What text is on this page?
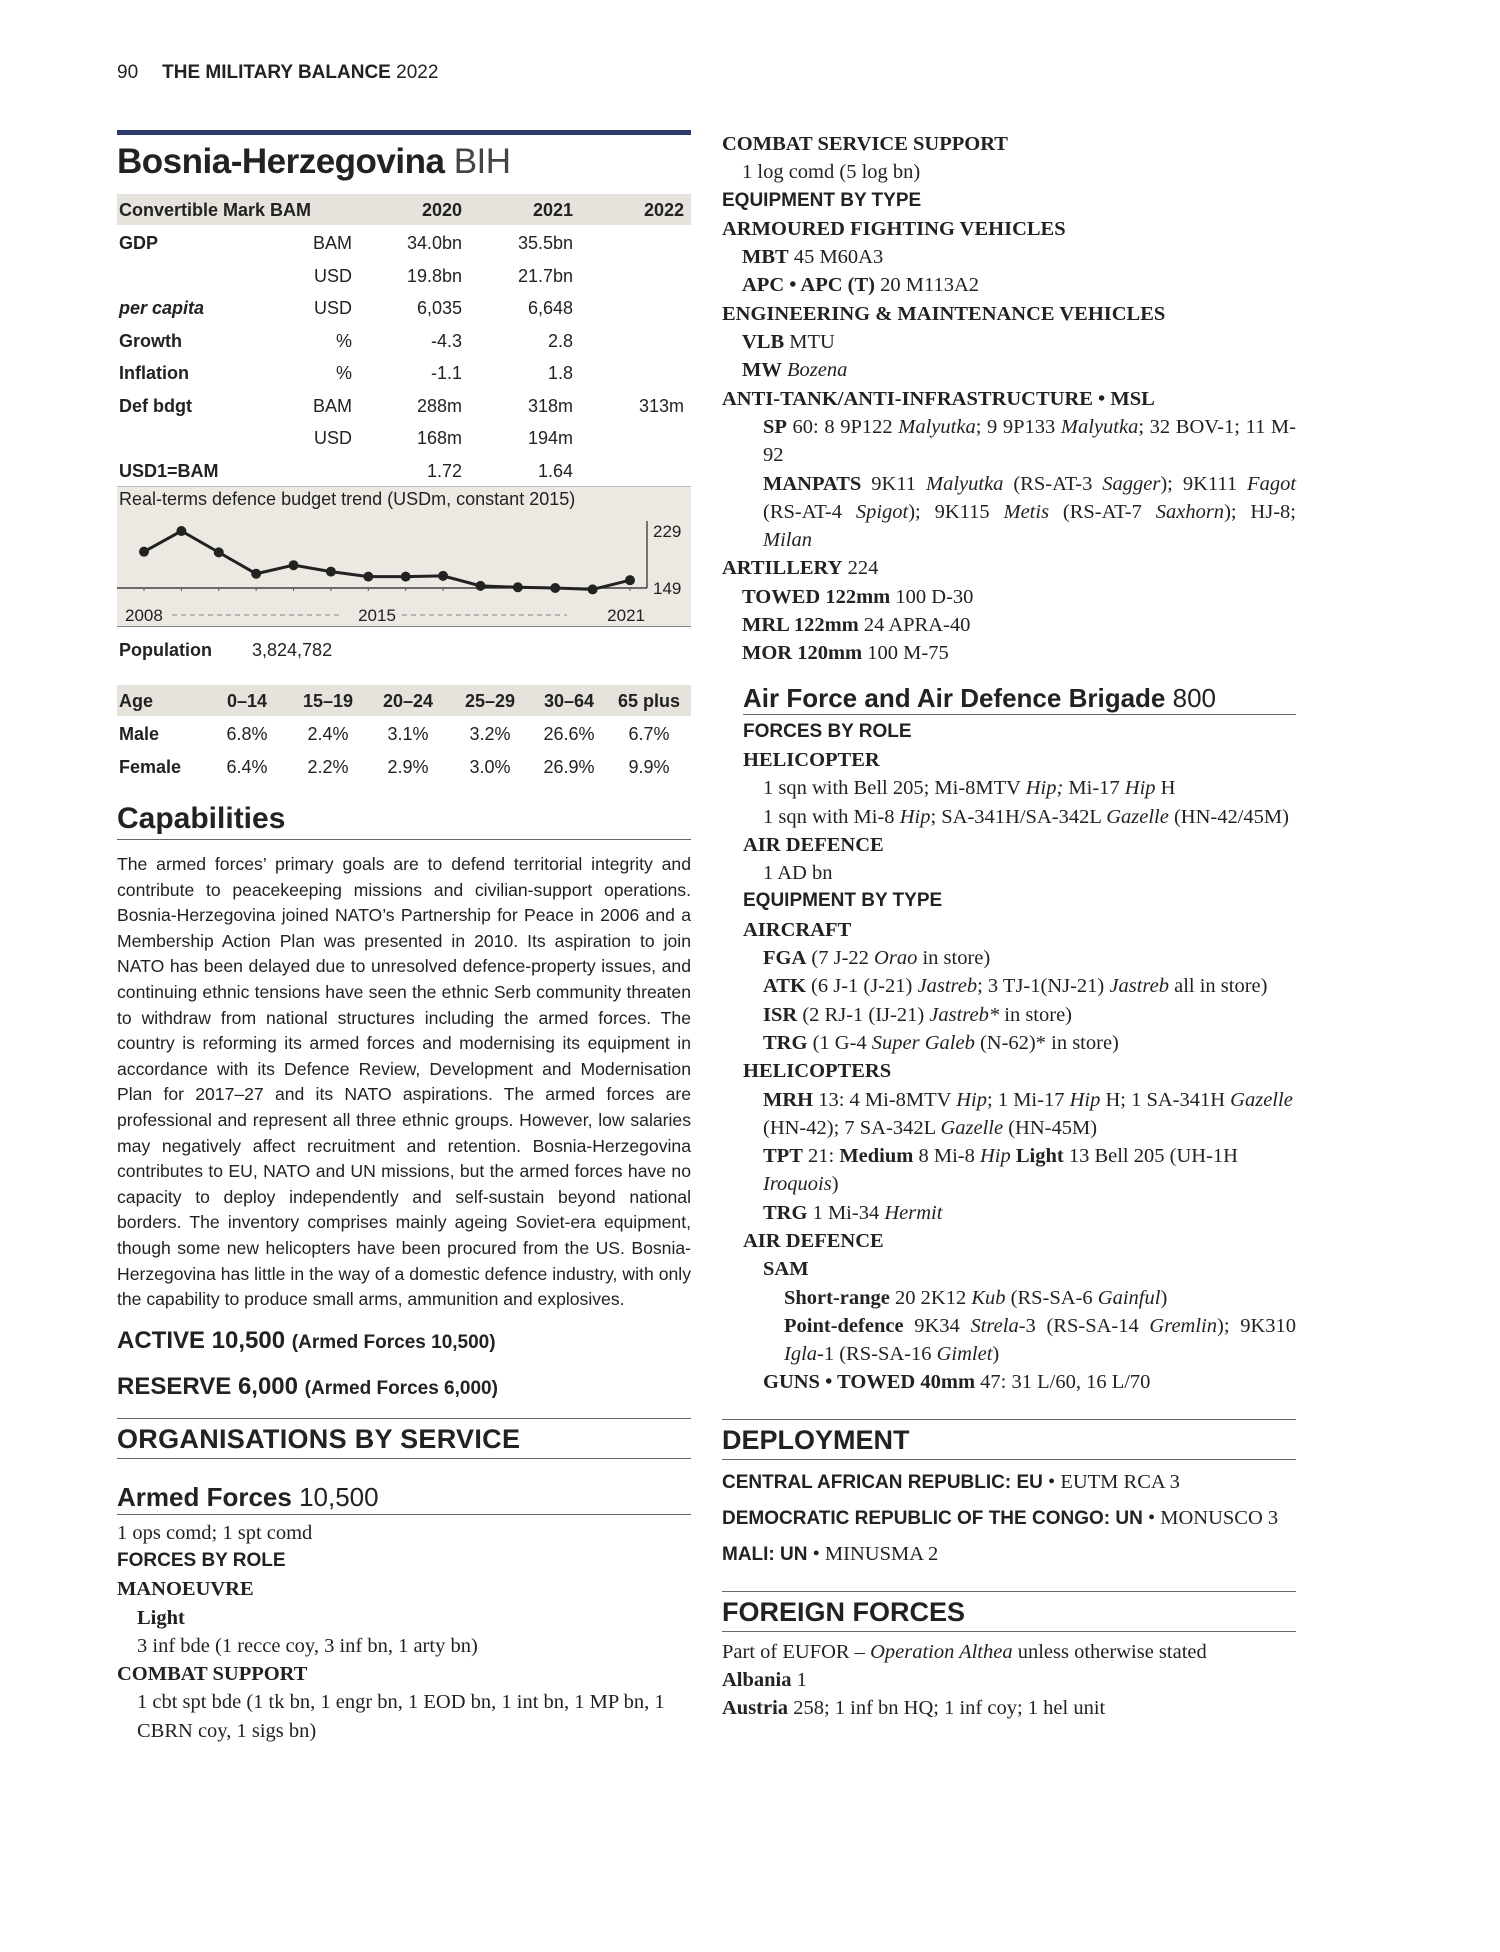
90 THE MILITARY BALANCE 2022
Bosnia-Herzegovina BIH
Convertible Mark BAM	2020	2021	2022
GDP	BAM	34.0bn	35.5bn
USD	19.8bn	21.7bn
per capita	USD	6,035	6,648
Growth	%	-4.3	2.8
Inflation	%	-1.1	1.8
Def bdgt	BAM	288m	318m	313m
USD	168m	194m
USD1=BAM	1.72	1.64
Real-terms defence budget trend (USDm, constant 2015)
229
149
2008	2015	2021
Population 3,824,782
Age	0–14 15–19 20–24 25–29 30–64 65 plus
Male	6.8% 2.4% 3.1% 3.2% 26.6% 6.7%
Female	6.4% 2.2% 2.9% 3.0% 26.9% 9.9%
Capabilities
The armed forces’ primary goals are to defend territorial integrity and contribute to peacekeeping missions and civilian-support operations. Bosnia-Herzegovina joined NATO’s Partnership for Peace in 2006 and a Membership Action Plan was presented in 2010. Its aspiration to join NATO has been delayed due to unresolved defence-property issues, and continuing ethnic tensions have seen the ethnic Serb community threaten to withdraw from national structures including the armed forces. The country is reforming its armed forces and modernising its equipment in accordance with its Defence Review, Development and Modernisation Plan for 2017–27 and its NATO aspirations. The armed forces are professional and represent all three ethnic groups. However, low salaries may negatively affect recruitment and retention. Bosnia-Herzegovina contributes to EU, NATO and UN missions, but the armed forces have no capacity to deploy independently and self-sustain beyond national borders. The inventory comprises mainly ageing Soviet-era equipment, though some new helicopters have been procured from the US. Bosnia-Herzegovina has little in the way of a domestic defence industry, with only the capability to produce small arms, ammunition and explosives.
ACTIVE 10,500 (Armed Forces 10,500)
RESERVE 6,000 (Armed Forces 6,000)
ORGANISATIONS BY SERVICE
Armed Forces 10,500
1 ops comd; 1 spt comd
FORCES BY ROLE
MANOEUVRE
Light
3 inf bde (1 recce coy, 3 inf bn, 1 arty bn)
COMBAT SUPPORT
1 cbt spt bde (1 tk bn, 1 engr bn, 1 EOD bn, 1 int bn, 1 MP bn, 1 CBRN coy, 1 sigs bn)
COMBAT SERVICE SUPPORT
1 log comd (5 log bn)
EQUIPMENT BY TYPE
ARMOURED FIGHTING VEHICLES
MBT 45 M60A3
APC • APC (T) 20 M113A2
ENGINEERING & MAINTENANCE VEHICLES
VLB MTU
MW Bozena
ANTI-TANK/ANTI-INFRASTRUCTURE • MSL
SP 60: 8 9P122 Malyutka; 9 9P133 Malyutka; 32 BOV-1; 11 M-92
MANPATS 9K11 Malyutka (RS-AT-3 Sagger); 9K111 Fagot (RS-AT-4 Spigot); 9K115 Metis (RS-AT-7 Saxhorn); HJ-8; Milan
ARTILLERY 224
TOWED 122mm 100 D-30
MRL 122mm 24 APRA-40
MOR 120mm 100 M-75
Air Force and Air Defence Brigade 800
FORCES BY ROLE
HELICOPTER
1 sqn with Bell 205; Mi-8MTV Hip; Mi-17 Hip H
1 sqn with Mi-8 Hip; SA-341H/SA-342L Gazelle (HN-42/45M)
AIR DEFENCE
1 AD bn
EQUIPMENT BY TYPE
AIRCRAFT
FGA (7 J-22 Orao in store)
ATK (6 J-1 (J-21) Jastreb; 3 TJ-1(NJ-21) Jastreb all in store)
ISR (2 RJ-1 (IJ-21) Jastreb* in store)
TRG (1 G-4 Super Galeb (N-62)* in store)
HELICOPTERS
MRH 13: 4 Mi-8MTV Hip; 1 Mi-17 Hip H; 1 SA-341H Gazelle (HN-42); 7 SA-342L Gazelle (HN-45M)
TPT 21: Medium 8 Mi-8 Hip Light 13 Bell 205 (UH-1H Iroquois)
TRG 1 Mi-34 Hermit
AIR DEFENCE
SAM
Short-range 20 2K12 Kub (RS-SA-6 Gainful)
Point-defence 9K34 Strela-3 (RS-SA-14 Gremlin); 9K310 Igla-1 (RS-SA-16 Gimlet)
GUNS • TOWED 40mm 47: 31 L/60, 16 L/70
DEPLOYMENT
CENTRAL AFRICAN REPUBLIC: EU • EUTM RCA 3
DEMOCRATIC REPUBLIC OF THE CONGO: UN • MONUSCO 3
MALI: UN • MINUSMA 2
FOREIGN FORCES
Part of EUFOR – Operation Althea unless otherwise stated
Albania 1
Austria 258; 1 inf bn HQ; 1 inf coy; 1 hel unit
